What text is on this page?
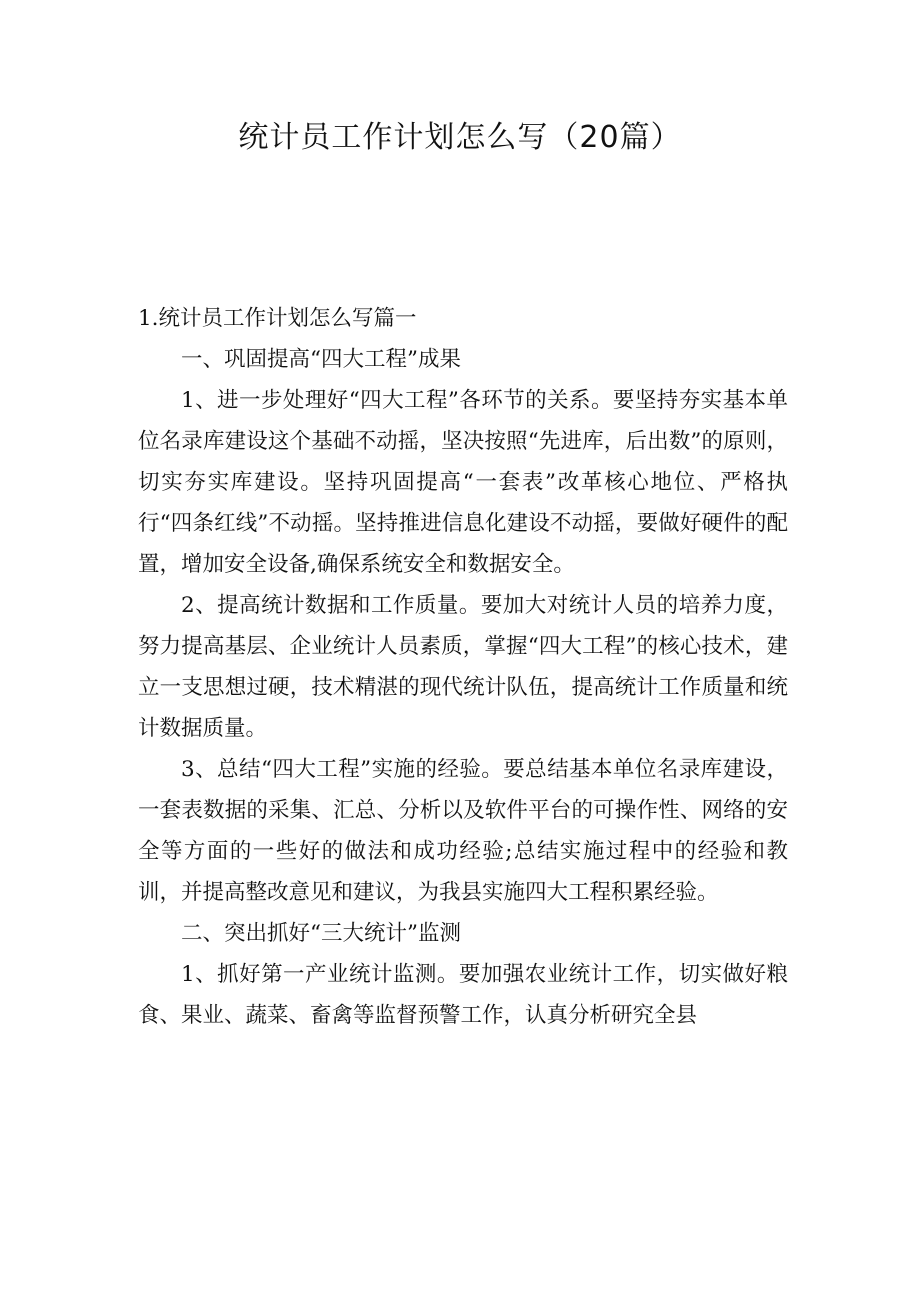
统计员工作计划怎么写（20篇）

1.统计员工作计划怎么写篇一

一、巩固提高“四大工程”成果

1、进一步处理好“四大工程”各环节的关系。要坚持夯实基本单位名录库建设这个基础不动摇，坚决按照“先进库，后出数”的原则，切实夯实库建设。坚持巩固提高“一套表”改革核心地位、严格执行“四条红线”不动摇。坚持推进信息化建设不动摇，要做好硬件的配置，增加安全设备,确保系统安全和数据安全。

2、提高统计数据和工作质量。要加大对统计人员的培养力度，努力提高基层、企业统计人员素质，掌握“四大工程”的核心技术，建立一支思想过硬，技术精湛的现代统计队伍，提高统计工作质量和统计数据质量。

3、总结“四大工程”实施的经验。要总结基本单位名录库建设，一套表数据的采集、汇总、分析以及软件平台的可操作性、网络的安全等方面的一些好的做法和成功经验;总结实施过程中的经验和教训，并提高整改意见和建议，为我县实施四大工程积累经验。

二、突出抓好“三大统计”监测

1、抓好第一产业统计监测。要加强农业统计工作，切实做好粮食、果业、蔬菜、畜禽等监督预警工作，认真分析研究全县
